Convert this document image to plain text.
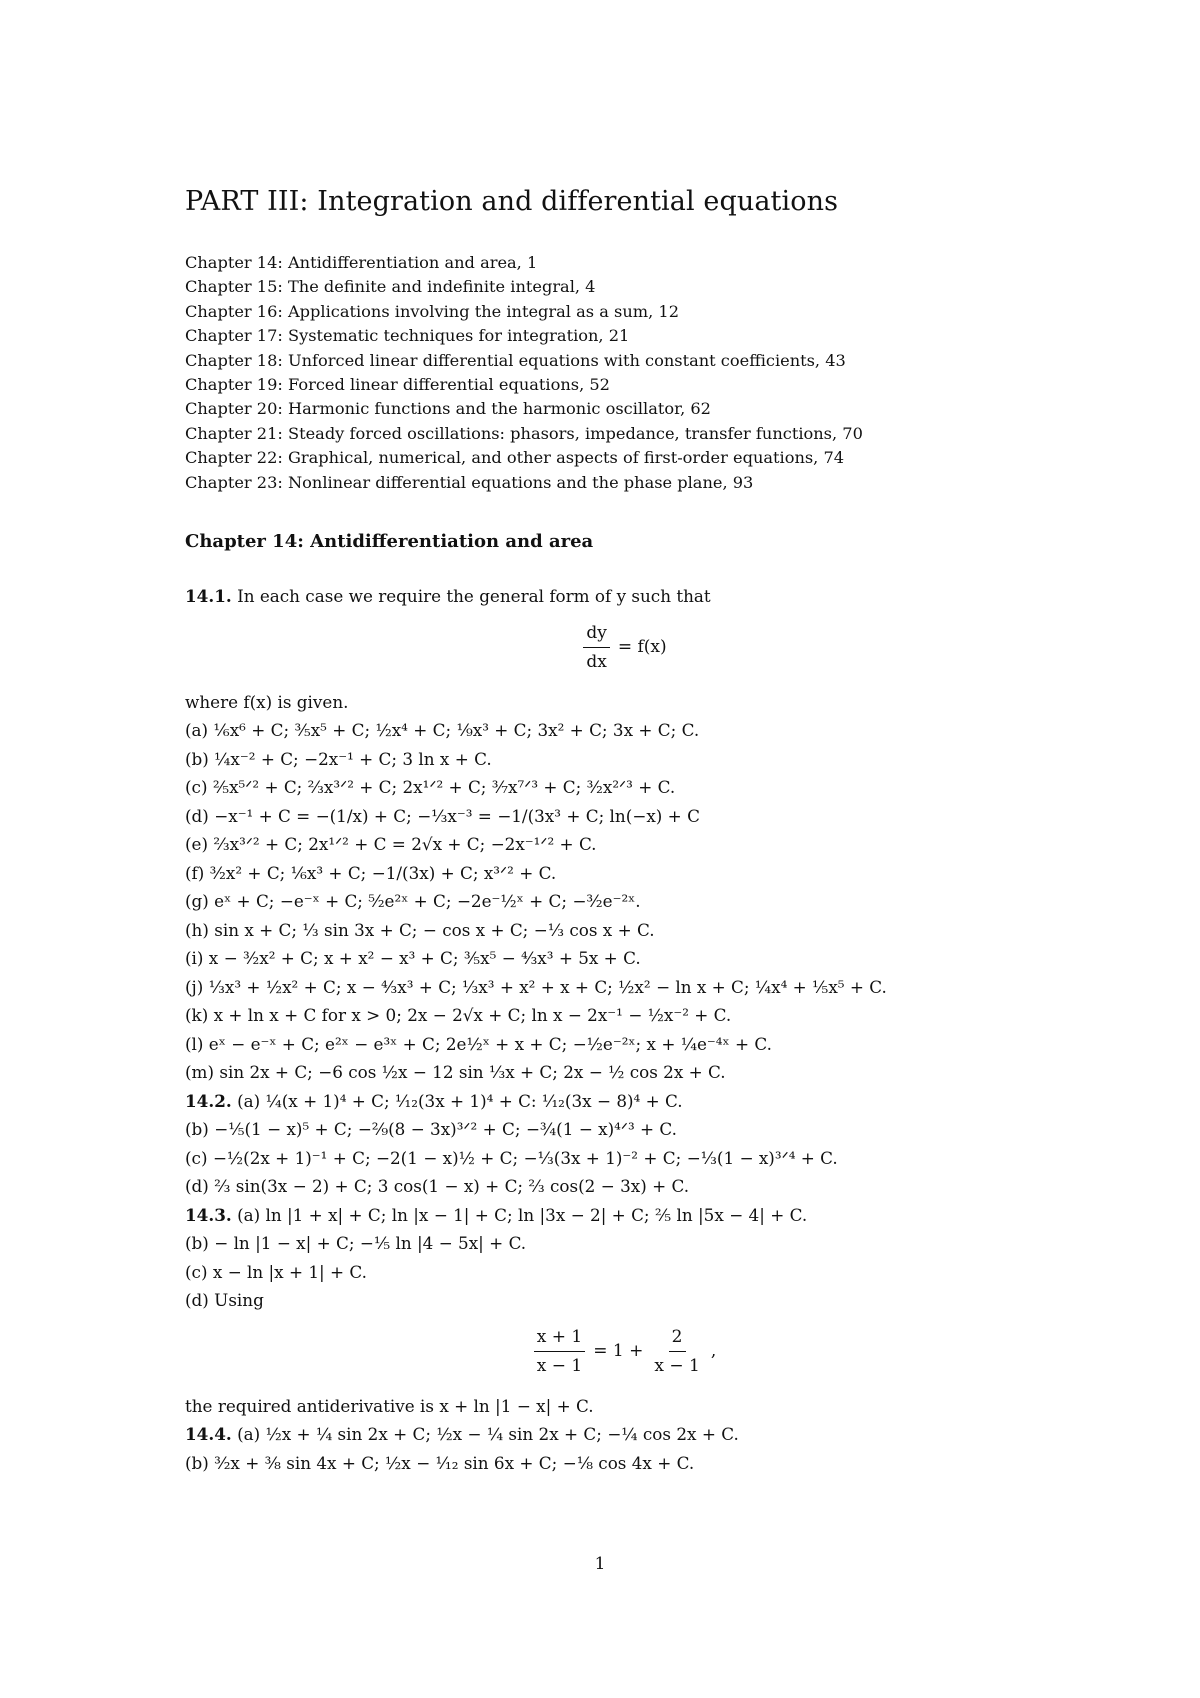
PART III: Integration and differential equations
Chapter 14: Antidifferentiation and area, 1
Chapter 15: The definite and indefinite integral, 4
Chapter 16: Applications involving the integral as a sum, 12
Chapter 17: Systematic techniques for integration, 21
Chapter 18: Unforced linear differential equations with constant coefficients, 43
Chapter 19: Forced linear differential equations, 52
Chapter 20: Harmonic functions and the harmonic oscillator, 62
Chapter 21: Steady forced oscillations: phasors, impedance, transfer functions, 70
Chapter 22: Graphical, numerical, and other aspects of first-order equations, 74
Chapter 23: Nonlinear differential equations and the phase plane, 93
Chapter 14: Antidifferentiation and area

14.1. In each case we require the general form of y such that

$\frac{dy}{dx} = f(x)$

where f(x) is given.

(a) ⅙x⁶ + C; ³⁄₅x⁵ + C; ½x⁴ + C; ⅑x³ + C; 3x² + C; 3x + C; C.

(b) ¼x⁻² + C; −2x⁻¹ + C; 3 ln x + C.

(c) ²⁄₅x⁵ᐟ² + C; ⅔x³ᐟ² + C; 2x¹ᐟ² + C; ³⁄₇x⁷ᐟ³ + C; ³⁄₂x²ᐟ³ + C.

(d) −x⁻¹ + C = −(1/x) + C; −⅓x⁻³ = −1/(3x³ + C; ln(−x) + C

(e) ⅔x³ᐟ² + C; 2x¹ᐟ² + C = 2√x + C; −2x⁻¹ᐟ² + C.

(f) ³⁄₂x² + C; ⅙x³ + C; −1/(3x) + C; x³ᐟ² + C.

(g) eˣ + C; −e⁻ˣ + C; ⁵⁄₂e²ˣ + C; −2e⁻½ˣ + C; −³⁄₂e⁻²ˣ.

(h) sin x + C; ⅓ sin 3x + C; − cos x + C; −⅓ cos x + C.

(i) x − ³⁄₂x² + C; x + x² − x³ + C; ³⁄₅x⁵ − ⁴⁄₃x³ + 5x + C.

(j) ⅓x³ + ½x² + C; x − ⁴⁄₃x³ + C; ⅓x³ + x² + x + C; ½x² − ln x + C; ¼x⁴ + ⅕x⁵ + C.

(k) x + ln x + C for x > 0; 2x − 2√x + C; ln x − 2x⁻¹ − ½x⁻² + C.

(l) eˣ − e⁻ˣ + C; e²ˣ − e³ˣ + C; 2e½ˣ + x + C; −½e⁻²ˣ; x + ¼e⁻⁴ˣ + C.

(m) sin 2x + C; −6 cos ½x − 12 sin ⅓x + C; 2x − ½ cos 2x + C.

14.2. (a) ¼(x + 1)⁴ + C; ¹⁄₁₂(3x + 1)⁴ + C: ¹⁄₁₂(3x − 8)⁴ + C.

(b) −⅕(1 − x)⁵ + C; −²⁄₉(8 − 3x)³ᐟ² + C; −¾(1 − x)⁴ᐟ³ + C.

(c) −½(2x + 1)⁻¹ + C; −2(1 − x)½ + C; −⅓(3x + 1)⁻² + C; −⅓(1 − x)³ᐟ⁴ + C.

(d) ⅔ sin(3x − 2) + C; 3 cos(1 − x) + C; ⅔ cos(2 − 3x) + C.

14.3. (a) ln |1 + x| + C; ln |x − 1| + C; ln |3x − 2| + C; ⅖ ln |5x − 4| + C.

(b) − ln |1 − x| + C; −⅕ ln |4 − 5x| + C.

(c) x − ln |x + 1| + C.

(d) Using

$\frac{x + 1}{x - 1} = 1 + \frac{2}{x - 1}$ ,

the required antiderivative is x + ln |1 − x| + C.

14.4. (a) ½x + ¼ sin 2x + C; ½x − ¼ sin 2x + C; −¼ cos 2x + C.

(b) ³⁄₂x + ⅜ sin 4x + C; ½x − ¹⁄₁₂ sin 6x + C; −⅛ cos 4x + C.

1
